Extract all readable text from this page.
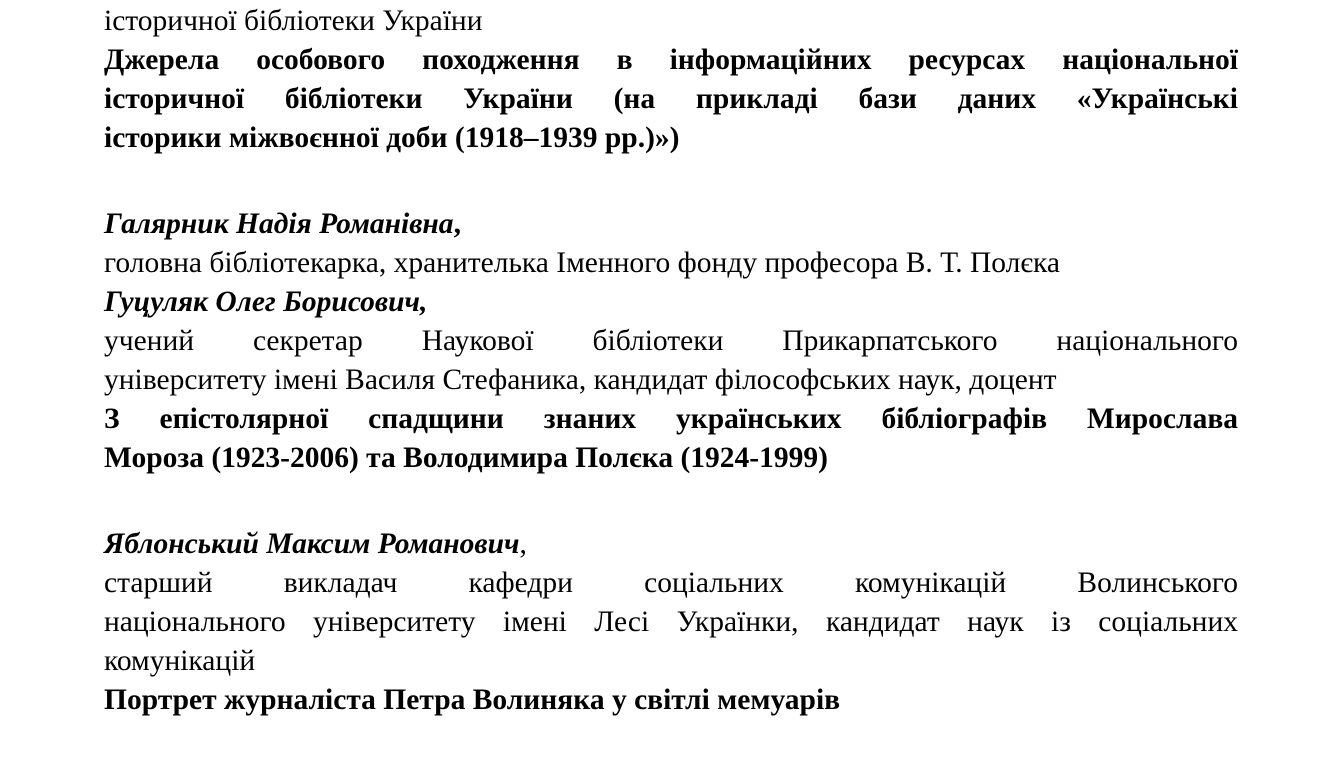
історичної бібліотеки України
Джерела особового походження в інформаційних ресурсах національної
історичної бібліотеки України (на прикладі бази даних «Українські
історики міжвоєнної доби (1918–1939 рр.)»)
Галярник Надія Романівна,
головна бібліотекарка, хранителька Іменного фонду професора В. Т. Полєка
Гуцуляк Олег Борисович,
учений секретар Наукової бібліотеки Прикарпатського національного
університету імені Василя Стефаника, кандидат філософських наук, доцент
З епістолярної спадщини знаних українських бібліографів Мирослава
Мороза (1923-2006) та Володимира Полєка (1924-1999)
Яблонський Максим Романович,
старший викладач кафедри соціальних комунікацій Волинського
національного університету імені Лесі Українки, кандидат наук із соціальних
комунікацій
Портрет журналіста Петра Волиняка у світлі мемуарів
